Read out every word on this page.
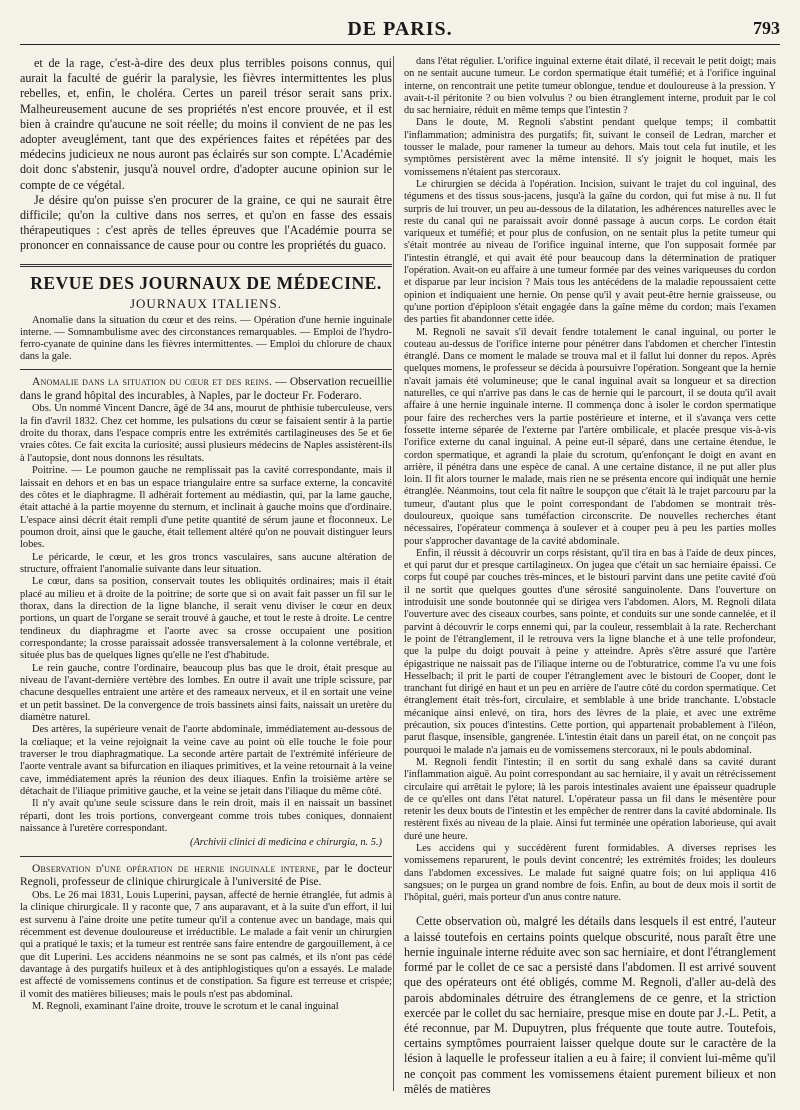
DE PARIS.	793

et de la rage, c'est-à-dire des deux plus terribles poisons connus, qui aurait la faculté de guérir la paralysie, les fièvres intermittentes les plus rebelles, et, enfin, le choléra. Certes un pareil trésor serait sans prix. Malheureusement aucune de ses propriétés n'est encore prouvée, et il est bien à craindre qu'aucune ne soit réelle; du moins il convient de ne pas les adopter aveuglément, tant que des expériences faites et répétées par des médecins judicieux ne nous auront pas éclairés sur son compte. L'Académie doit donc s'abstenir, jusqu'à nouvel ordre, d'adopter aucune opinion sur le compte de ce végétal.

Je désire qu'on puisse s'en procurer de la graine, ce qui ne saurait être difficile; qu'on la cultive dans nos serres, et qu'on en fasse des essais thérapeutiques : c'est après de telles épreuves que l'Académie pourra se prononcer en connaissance de cause pour ou contre les propriétés du guaco.

REVUE DES JOURNAUX DE MÉDECINE.
JOURNAUX ITALIENS.

Anomalie dans la situation du cœur et des reins. — Opération d'une hernie inguinale interne. — Somnambulisme avec des circonstances remarquables. — Emploi de l'hydro-ferro-cyanate de quinine dans les fièvres intermittentes. — Emploi du chlorure de chaux dans la gale.

Anomalie dans la situation du cœur et des reins. — Observation recueillie dans le grand hôpital des incurables, à Naples, par le docteur Fr. Foderaro.

Obs. Un nommé Vincent Dancre, âgé de 34 ans, mourut de phthisie tuberculeuse, vers la fin d'avril 1832. Chez cet homme, les pulsations du cœur se faisaient sentir à la partie droite du thorax, dans l'espace compris entre les extrémités cartilagineuses des 5e et 6e vraies côtes. Ce fait excita la curiosité; aussi plusieurs médecins de Naples assistèrent-ils à l'autopsie, dont nous donnons les résultats.

Poitrine. — Le poumon gauche ne remplissait pas la cavité correspondante, mais il laissait en dehors et en bas un espace triangulaire entre sa surface externe, la concavité des côtes et le diaphragme. Il adhérait fortement au médiastin, qui, par la lame gauche, était attaché à la partie moyenne du sternum, et inclinait à gauche moins que d'ordinaire. L'espace ainsi décrit était rempli d'une petite quantité de sérum jaune et floconneux. Le poumon droit, ainsi que le gauche, était tellement altéré qu'on ne pouvait distinguer leurs lobes.

Le péricarde, le cœur, et les gros troncs vasculaires, sans aucune altération de structure, offraient l'anomalie suivante dans leur situation.

Le cœur, dans sa position, conservait toutes les obliquités ordinaires; mais il était placé au milieu et à droite de la poitrine; de sorte que si on avait fait passer un fil sur le thorax, dans la direction de la ligne blanche, il serait venu diviser le cœur en deux portions, un quart de l'organe se serait trouvé à gauche, et tout le reste à droite. Le centre tendineux du diaphragme et l'aorte avec sa crosse occupaient une position correspondante; la crosse paraissait adossée transversalement à la colonne vertébrale, et située plus bas de quelques lignes qu'elle ne l'est d'habitude.

Le rein gauche, contre l'ordinaire, beaucoup plus bas que le droit, était presque au niveau de l'avant-dernière vertèbre des lombes. En outre il avait une triple scissure, par chacune desquelles entraient une artère et des rameaux nerveux, et il en sortait une veine et un petit bassinet. De la convergence de trois bassinets ainsi faits, naissait un uretère du diamètre naturel.

Des artères, la supérieure venait de l'aorte abdominale, immédiatement au-dessous de la cœliaque; et la veine rejoignait la veine cave au point où elle touche le foie pour traverser le trou diaphragmatique. La seconde artère partait de l'extrémité inférieure de l'aorte ventrale avant sa bifurcation en iliaques primitives, et la veine retournait à la veine cave, immédiatement après la réunion des deux iliaques. Enfin la troisième artère se détachait de l'iliaque primitive gauche, et la veine se jetait dans l'iliaque du même côté.

Il n'y avait qu'une seule scissure dans le rein droit, mais il en naissait un bassinet réparti, dont les trois portions, convergeant comme trois tubes coniques, donnaient naissance à l'uretère correspondant.

(Archivii clinici di medicina e chirurgia, n. 5.)

Observation d'une opération de hernie inguinale interne, par le docteur Regnoli, professeur de clinique chirurgicale à l'université de Pise.

Obs. Le 26 mai 1831, Louis Luperini, paysan, affecté de hernie étranglée, fut admis à la clinique chirurgicale. Il y raconte que, 7 ans auparavant, et à la suite d'un effort, il lui est survenu à l'aine droite une petite tumeur qu'il a contenue avec un bandage, mais qui récemment est devenue douloureuse et irréductible. Le malade a fait venir un chirurgien qui a pratiqué le taxis; et la tumeur est rentrée sans faire entendre de gargouillement, à ce que dit Luperini. Les accidens néanmoins ne se sont pas calmés, et ils n'ont pas cédé davantage à des purgatifs huileux et à des antiphlogistiques qu'on a essayés. Le malade est affecté de vomissemens continus et de constipation. Sa figure est terreuse et crispée; il vomit des matières bilieuses; mais le pouls n'est pas abdominal.

M. Regnoli, examinant l'aine droite, trouve le scrotum et le canal inguinal

dans l'état régulier. L'orifice inguinal externe était dilaté, il recevait le petit doigt; mais on ne sentait aucune tumeur. Le cordon spermatique était tuméfié; et à l'orifice inguinal interne, on rencontrait une petite tumeur oblongue, tendue et douloureuse à la pression. Y avait-t-il péritonite ? ou bien volvulus ? ou bien étranglement interne, produit par le col du sac herniaire, réduit en même temps que l'intestin ?

Dans le doute, M. Regnoli s'abstint pendant quelque temps; il combattit l'inflammation; administra des purgatifs; fit, suivant le conseil de Ledran, marcher et tousser le malade, pour ramener la tumeur au dehors. Mais tout cela fut inutile, et les symptômes persistèrent avec la même intensité. Il s'y joignit le hoquet, mais les vomissemens n'étaient pas stercoraux.

Le chirurgien se décida à l'opération. Incision, suivant le trajet du col inguinal, des tégumens et des tissus sous-jacens, jusqu'à la gaîne du cordon, qui fut mise à nu. Il fut surpris de lui trouver, un peu au-dessous de la dilatation, les adhérences naturelles avec le reste du canal qui ne paraissait avoir donné passage à aucun corps. Le cordon était variqueux et tuméfié; et pour plus de confusion, on ne sentait plus la petite tumeur qui s'était montrée au niveau de l'orifice inguinal interne, que l'on supposait formée par l'intestin étranglé, et qui avait été pour beaucoup dans la détermination de pratiquer l'opération. Avait-on eu affaire à une tumeur formée par des veines variqueuses du cordon et disparue par leur incision ? Mais tous les antécédens de la maladie repoussaient cette opinion et indiquaient une hernie. On pense qu'il y avait peut-être hernie graisseuse, ou qu'une portion d'épiploon s'était engagée dans la gaîne même du cordon; mais l'examen des parties fit abandonner cette idée.

M. Regnoli ne savait s'il devait fendre totalement le canal inguinal, ou porter le couteau au-dessus de l'orifice interne pour pénétrer dans l'abdomen et chercher l'intestin étranglé. Dans ce moment le malade se trouva mal et il fallut lui donner du repos. Après quelques momens, le professeur se décida à poursuivre l'opération. Songeant que la hernie n'avait jamais été volumineuse; que le canal inguinal avait sa longueur et sa direction naturelles, ce qui n'arrive pas dans le cas de hernie qui le parcourt, il se douta qu'il avait affaire à une hernie inguinale interne. Il commença donc à isoler le cordon spermatique pour faire des recherches vers la partie postérieure et interne, et il s'avança vers cette fossette interne séparée de l'externe par l'artère ombilicale, et placée presque vis-à-vis l'orifice externe du canal inguinal. A peine eut-il séparé, dans une certaine étendue, le cordon spermatique, et agrandi la plaie du scrotum, qu'enfonçant le doigt en avant en arrière, il pénétra dans une espèce de canal. A une certaine distance, il ne put aller plus loin. Il fit alors tourner le malade, mais rien ne se présenta encore qui indiquât une hernie étranglée. Néanmoins, tout cela fit naître le soupçon que c'était là le trajet parcouru par la tumeur, d'autant plus que le point correspondant de l'abdomen se montrait très-douloureux, quoique sans tuméfaction circonscrite. De nouvelles recherches étant nécessaires, l'opérateur commença à soulever et à couper peu à peu les parties molles pour s'approcher davantage de la cavité abdominale.

Enfin, il réussit à découvrir un corps résistant, qu'il tira en bas à l'aide de deux pinces, et qui parut dur et presque cartilagineux. On jugea que c'était un sac herniaire épaissi. Ce corps fut coupé par couches très-minces, et le bistouri parvint dans une petite cavité d'où il ne sortit que quelques gouttes d'une sérosité sanguinolente. Dans l'ouverture on introduisit une sonde boutonnée qui se dirigea vers l'abdomen. Alors, M. Regnoli dilata l'ouverture avec des ciseaux courbes, sans pointe, et conduits sur une sonde cannelée, et il parvint à découvrir le corps ennemi qui, par la couleur, ressemblait à la rate. Recherchant le point de l'étranglement, il le retrouva vers la ligne blanche et à une telle profondeur, que la pulpe du doigt pouvait à peine y atteindre. Après s'être assuré que l'artère épigastrique ne naissait pas de l'iliaque interne ou de l'obturatrice, comme l'a vu une fois Hesselbach; il prit le parti de couper l'étranglement avec le bistouri de Cooper, dont le tranchant fut dirigé en haut et un peu en arrière de l'autre côté du cordon spermatique. Cet étranglement était très-fort, circulaire, et semblable à une bride tranchante. L'obstacle mécanique ainsi enlevé, on tira, hors des lèvres de la plaie, et avec une extrême précaution, six pouces d'intestins. Cette portion, qui appartenait probablement à l'iléon, parut flasque, insensible, gangrenée. L'intestin était dans un pareil état, on ne conçoit pas pourquoi le malade n'a jamais eu de vomissemens stercoraux, ni le pouls abdominal.

M. Regnoli fendit l'intestin; il en sortit du sang exhalé dans sa cavité durant l'inflammation aiguë. Au point correspondant au sac herniaire, il y avait un rétrécissement circulaire qui arrêtait le pylore; là les parois intestinales avaient une épaisseur quadruple de ce qu'elles ont dans l'état naturel. L'opérateur passa un fil dans le mésentère pour retenir les deux bouts de l'intestin et les empêcher de rentrer dans la cavité abdominale. Ils restèrent fixés au niveau de la plaie. Ainsi fut terminée une opération laborieuse, qui avait duré une heure.

Les accidens qui y succédèrent furent formidables. A diverses reprises les vomissemens reparurent, le pouls devint concentré; les extrémités froides; les douleurs dans l'abdomen excessives. Le malade fut saigné quatre fois; on lui appliqua 416 sangsues; on le purgea un grand nombre de fois. Enfin, au bout de deux mois il sortit de l'hôpital, guéri, mais porteur d'un anus contre nature.

Cette observation où, malgré les détails dans lesquels il est entré, l'auteur a laissé toutefois en certains points quelque obscurité, nous paraît être une hernie inguinale interne réduite avec son sac herniaire, et dont l'étranglement formé par le collet de ce sac a persisté dans l'abdomen. Il est arrivé souvent que des opérateurs ont été obligés, comme M. Regnoli, d'aller au-delà des parois abdominales détruire des étranglemens de ce genre, et la striction exercée par le collet du sac herniaire, presque mise en doute par J.-L. Petit, a été reconnue, par M. Dupuytren, plus fréquente que toute autre. Toutefois, certains symptômes pourraient laisser quelque doute sur le caractère de la lésion à laquelle le professeur italien a eu à faire; il convient lui-même qu'il ne conçoit pas comment les vomissemens étaient purement bilieux et non mêlés de matières
